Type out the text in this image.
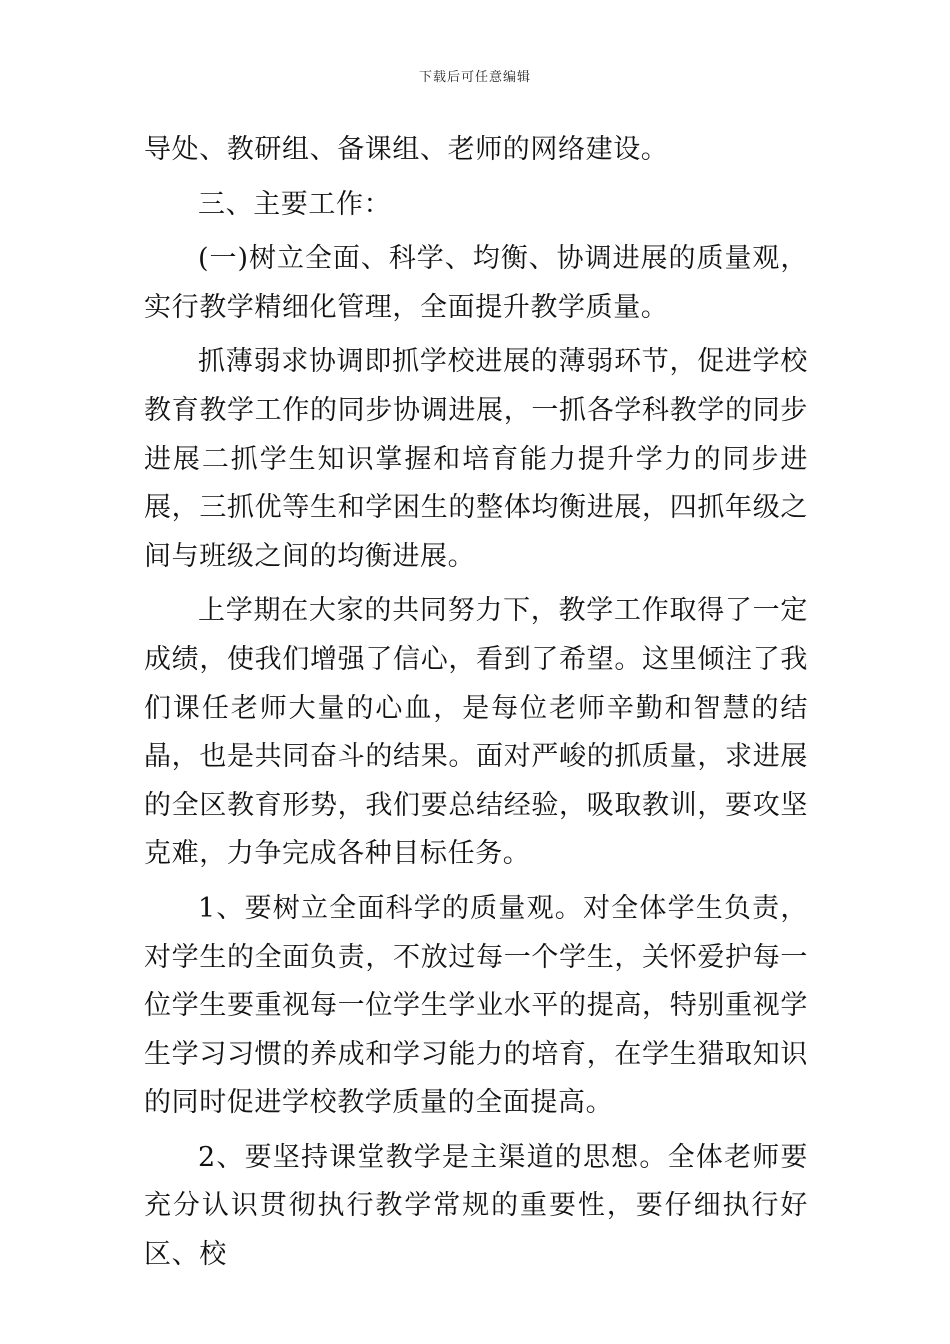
下载后可任意编辑

导处、教研组、备课组、老师的网络建设。

三、主要工作：

(一)树立全面、科学、均衡、协调进展的质量观，实行教学精细化管理，全面提升教学质量。

抓薄弱求协调即抓学校进展的薄弱环节，促进学校教育教学工作的同步协调进展，一抓各学科教学的同步进展二抓学生知识掌握和培育能力提升学力的同步进展，三抓优等生和学困生的整体均衡进展，四抓年级之间与班级之间的均衡进展。

上学期在大家的共同努力下，教学工作取得了一定成绩，使我们增强了信心，看到了希望。这里倾注了我们课任老师大量的心血，是每位老师辛勤和智慧的结晶，也是共同奋斗的结果。面对严峻的抓质量，求进展的全区教育形势，我们要总结经验，吸取教训，要攻坚克难，力争完成各种目标任务。

1、要树立全面科学的质量观。对全体学生负责，对学生的全面负责，不放过每一个学生，关怀爱护每一位学生要重视每一位学生学业水平的提高，特别重视学生学习习惯的养成和学习能力的培育，在学生猎取知识的同时促进学校教学质量的全面提高。

2、要坚持课堂教学是主渠道的思想。全体老师要充分认识贯彻执行教学常规的重要性，要仔细执行好区、校
